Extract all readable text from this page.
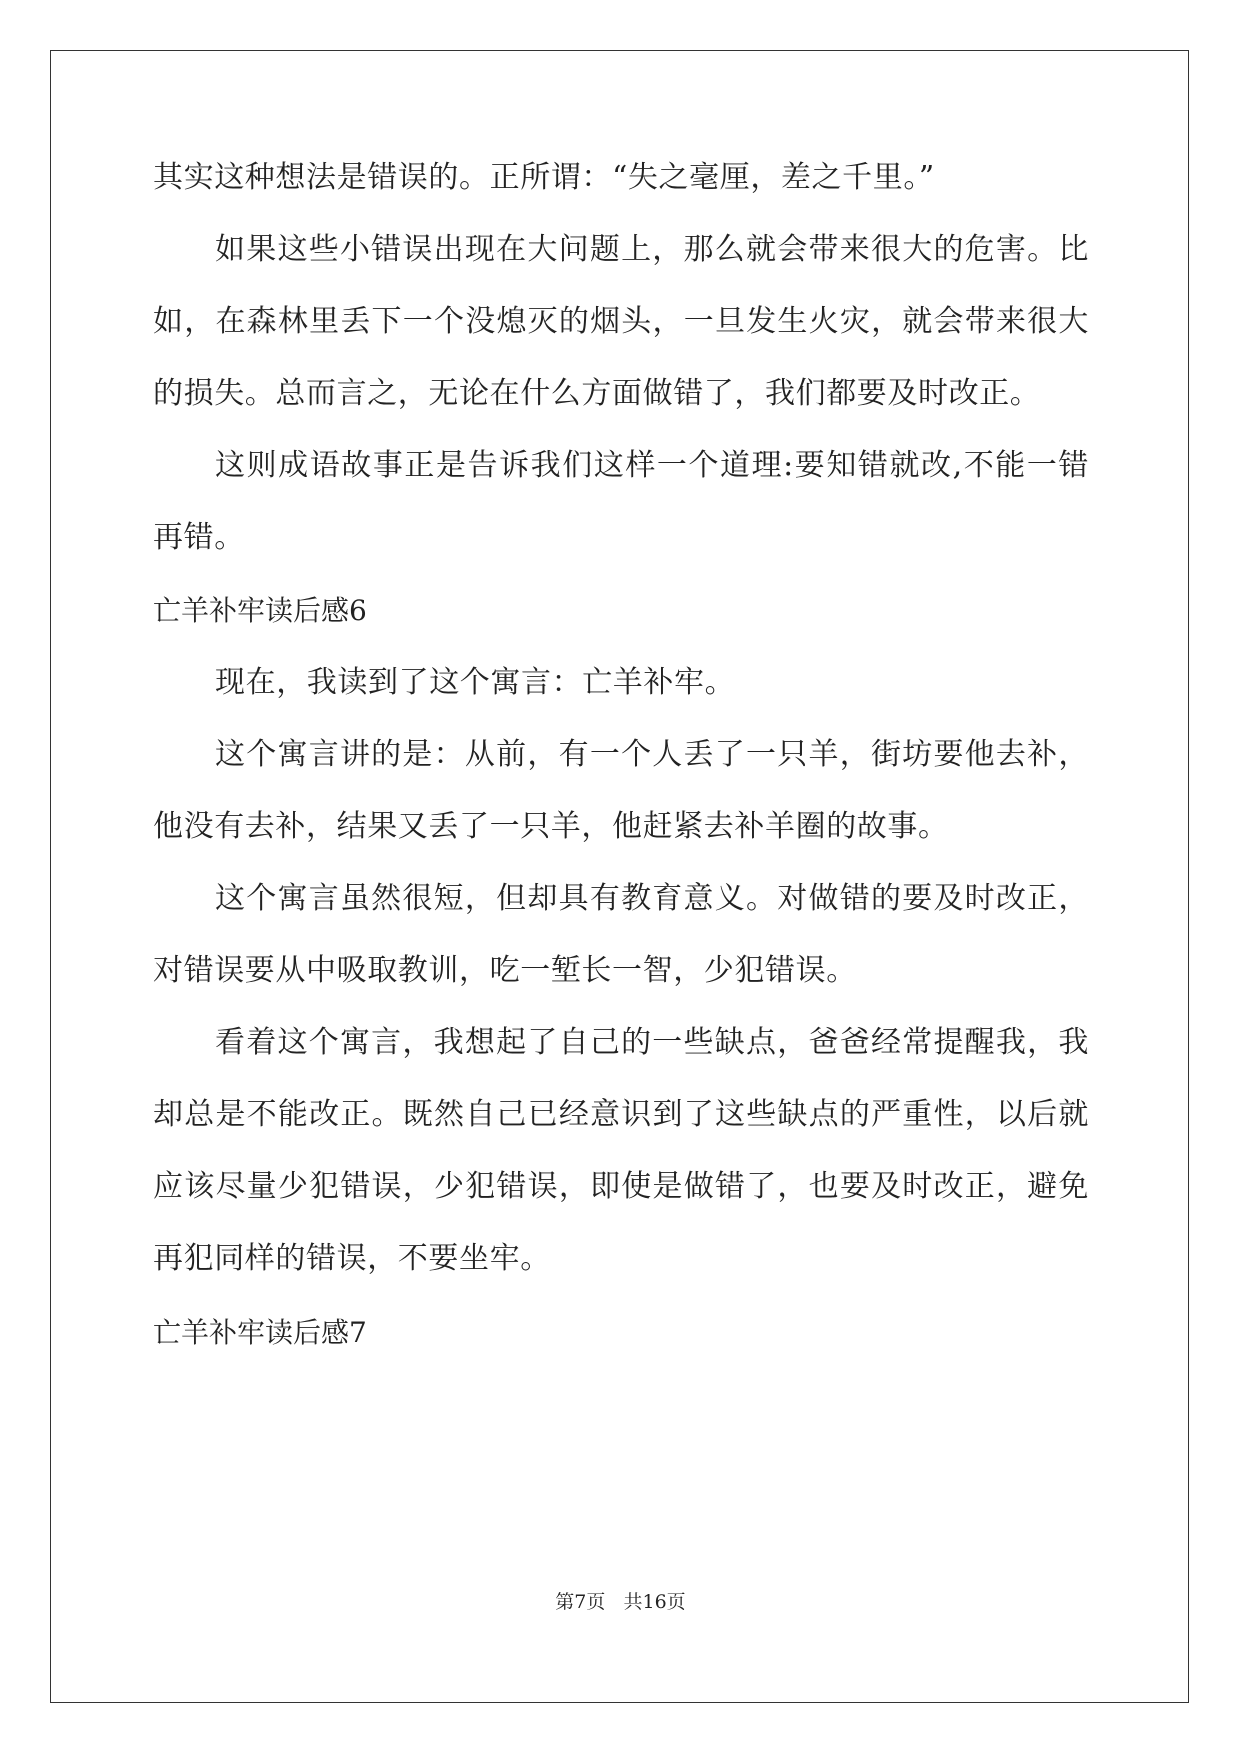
其实这种想法是错误的。正所谓：“失之毫厘，差之千里。”
如果这些小错误出现在大问题上，那么就会带来很大的危害。比
如，在森林里丢下一个没熄灭的烟头，一旦发生火灾，就会带来很大
的损失。总而言之，无论在什么方面做错了，我们都要及时改正。
这则成语故事正是告诉我们这样一个道理:要知错就改,不能一错
再错。
亡羊补牢读后感6
现在，我读到了这个寓言：亡羊补牢。
这个寓言讲的是：从前，有一个人丢了一只羊，街坊要他去补，
他没有去补，结果又丢了一只羊，他赶紧去补羊圈的故事。
这个寓言虽然很短，但却具有教育意义。对做错的要及时改正，
对错误要从中吸取教训，吃一堑长一智，少犯错误。
看着这个寓言，我想起了自己的一些缺点，爸爸经常提醒我，我
却总是不能改正。既然自己已经意识到了这些缺点的严重性，以后就
应该尽量少犯错误，少犯错误，即使是做错了，也要及时改正，避免
再犯同样的错误，不要坐牢。
亡羊补牢读后感7
第7页   共16页
